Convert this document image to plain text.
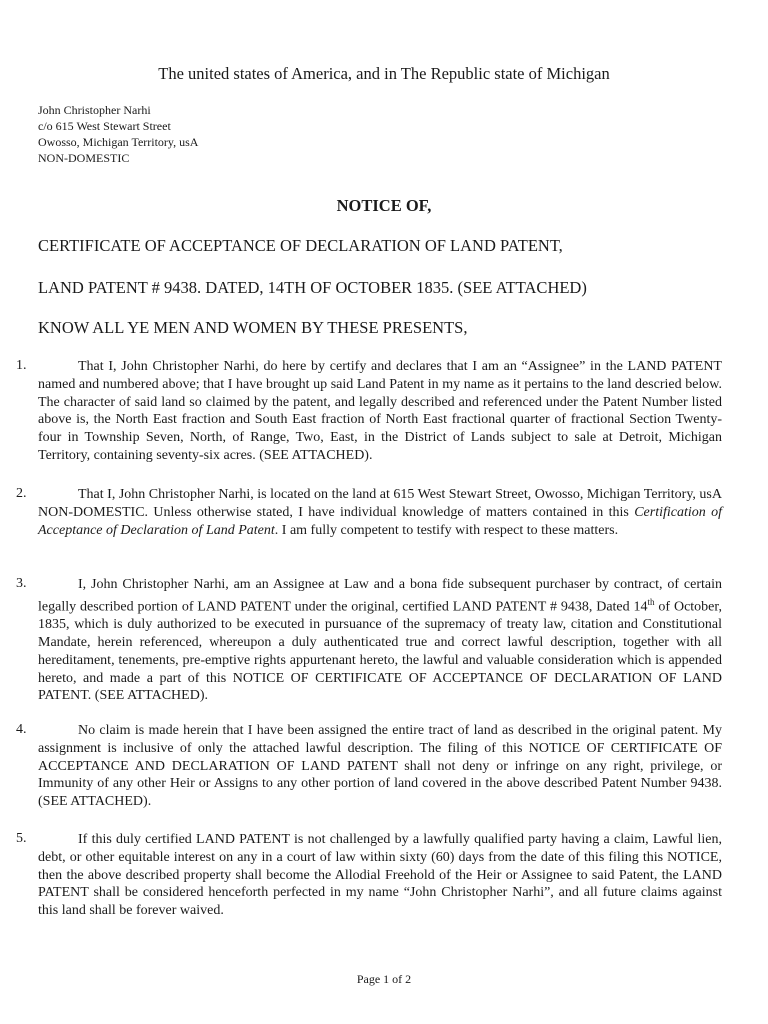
The united states of America, and in The Republic state of Michigan
John Christopher Narhi
c/o 615 West Stewart Street
Owosso, Michigan Territory, usA
NON-DOMESTIC
NOTICE OF,
CERTIFICATE OF ACCEPTANCE OF DECLARATION OF LAND PATENT,
LAND PATENT # 9438. DATED, 14TH OF OCTOBER 1835. (SEE ATTACHED)
KNOW ALL YE MEN AND WOMEN BY THESE PRESENTS,
1.	That I, John Christopher Narhi, do here by certify and declares that I am an “Assignee” in the LAND PATENT named and numbered above; that I have brought up said Land Patent in my name as it pertains to the land descried below. The character of said land so claimed by the patent, and legally described and referenced under the Patent Number listed above is, the North East fraction and South East fraction of North East fractional quarter of fractional Section Twenty-four in Township Seven, North, of Range, Two, East, in the District of Lands subject to sale at Detroit, Michigan Territory, containing seventy-six acres. (SEE ATTACHED).
2.	That I, John Christopher Narhi, is located on the land at 615 West Stewart Street, Owosso, Michigan Territory, usA NON-DOMESTIC. Unless otherwise stated, I have individual knowledge of matters contained in this Certification of Acceptance of Declaration of Land Patent. I am fully competent to testify with respect to these matters.
3.	I, John Christopher Narhi, am an Assignee at Law and a bona fide subsequent purchaser by contract, of certain legally described portion of LAND PATENT under the original, certified LAND PATENT # 9438, Dated 14th of October, 1835, which is duly authorized to be executed in pursuance of the supremacy of treaty law, citation and Constitutional Mandate, herein referenced, whereupon a duly authenticated true and correct lawful description, together with all hereditament, tenements, pre-emptive rights appurtenant hereto, the lawful and valuable consideration which is appended hereto, and made a part of this NOTICE OF CERTIFICATE OF ACCEPTANCE OF DECLARATION OF LAND PATENT. (SEE ATTACHED).
4.	No claim is made herein that I have been assigned the entire tract of land as described in the original patent. My assignment is inclusive of only the attached lawful description. The filing of this NOTICE OF CERTIFICATE OF ACCEPTANCE AND DECLARATION OF LAND PATENT shall not deny or infringe on any right, privilege, or Immunity of any other Heir or Assigns to any other portion of land covered in the above described Patent Number 9438. (SEE ATTACHED).
5.	If this duly certified LAND PATENT is not challenged by a lawfully qualified party having a claim, Lawful lien, debt, or other equitable interest on any in a court of law within sixty (60) days from the date of this filing this NOTICE, then the above described property shall become the Allodial Freehold of the Heir or Assignee to said Patent, the LAND PATENT shall be considered henceforth perfected in my name “John Christopher Narhi”, and all future claims against this land shall be forever waived.
Page 1 of 2
